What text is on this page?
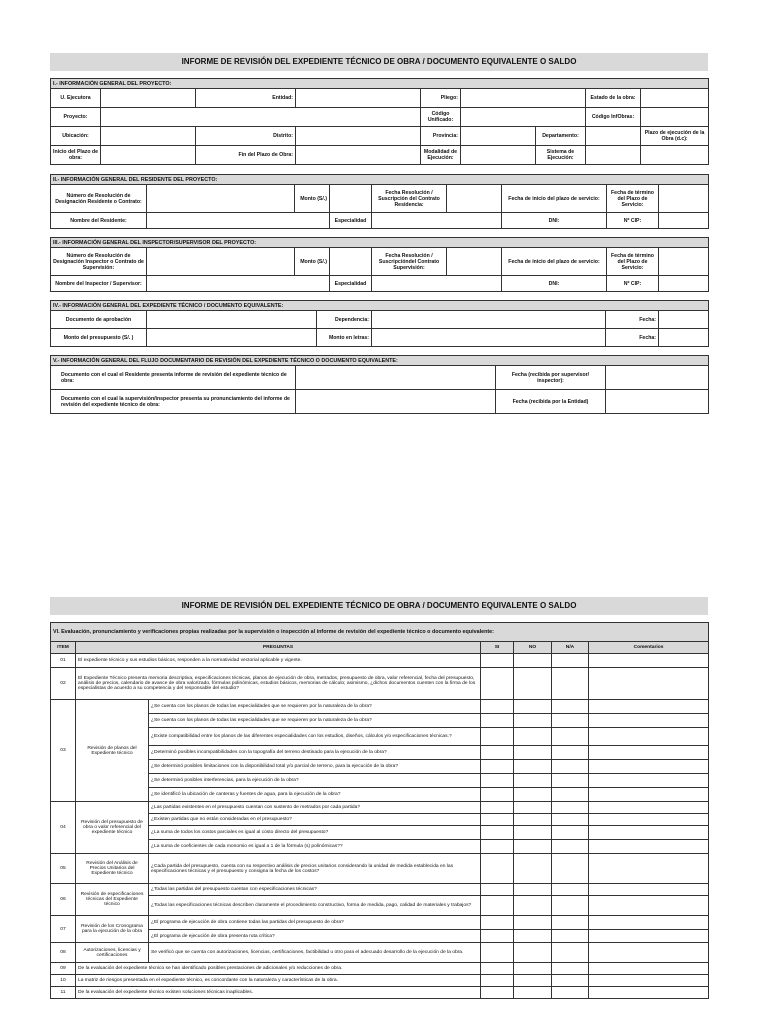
INFORME DE REVISIÓN DEL EXPEDIENTE TÉCNICO DE OBRA / DOCUMENTO EQUIVALENTE O SALDO
I.- INFORMACIÓN GENERAL DEL PROYECTO:								
U. Ejecutora		Entidad:		Pliego:			Estado de la obra:	
Proyecto:				Código Unificado:			Código InfObras:	
Ubicación:		Distrito:		Provincia:		Departamento:		Plazo de ejecución de la Obra (d.c):
Inicio del Plazo de obra:		Fin del Plazo de Obra:		Modalidad de Ejecución:		Sistema de Ejecución:		
II.- INFORMACIÓN GENERAL DEL RESIDENTE DEL PROYECTO:								
Número de Resolución de Designación Residente o Contrato:		Monto (S/.)		Fecha Resolución / Suscripción del Contrato Residencia:		Fecha de inicio del plazo de servicio:	Fecha de término del Plazo de Servicio:	
Nombre del Residente:			Especialidad			DNI:	Nº CIP:	
III.- INFORMACIÓN GENERAL DEL INSPECTOR/SUPERVISOR DEL PROYECTO:								
Número de Resolución de Designación Inspector o Contrato de Supervisión:		Monto (S/.)		Fecha Resolución / Suscripcióndel Contrato Supervisión:		Fecha de inicio del plazo de servicio:	Fecha de término del Plazo de Servicio:	
Nombre del Inspector / Supervisor:			Especialidad			DNI:	Nº CIP:	
IV.- INFORMACIÓN GENERAL DEL EXPEDIENTE TÉCNICO / DOCUMENTO EQUIVALENTE:					
Documento de aprobación		Dependencia:		Fecha:	
Monto del presupuesto (S/. )		Monto en letras:		Fecha:	
V.- INFORMACIÓN GENERAL DEL FLUJO DOCUMENTARIO DE REVISIÓN DEL EXPEDIENTE TÉCNICO O DOCUMENTO EQUIVALENTE:			
Documento con el cual el Residente presenta informe de revisión del expediente técnico de obra:		Fecha (recibida por supervisor/ inspector):	
Documento con el cual la supervisión/inspector presenta su pronunciamiento del informe de revisión del expediente técnico de obra:		Fecha (recibida por la Entidad)	
INFORME DE REVISIÓN DEL EXPEDIENTE TÉCNICO DE OBRA / DOCUMENTO EQUIVALENTE O SALDO
VI. Evaluación, pronunciamiento y verificaciones propias realizadas por la supervisión o inspección al informe de revisión del expediente técnico o documento equivalente:						
ITEM	PREGUNTAS		SI	NO	N/A	Comentarios
01	El expediente técnico y sus estudios básicos, responden a la normatividad vectorial aplicable y vigente.					
02	El Expediente Técnico presenta memoria descriptiva, especificaciones técnicas, planos de ejecución de obra, metrados, presupuesto de obra, valor referencial, fecha del presupuesto, análisis de precios, calendario de avance de obra valorizado, fórmulas polinómicas, estudios básicos, memorias de cálculo; asimismo, ¿dichos documentos cuenten con la firma de los especialistas de acuerdo a su competencia y del responsable del estudio?					
03	Revisión de planos del Expediente técnico	¿Se cuenta con los planos de todas las especialidades que se requieren por la naturaleza de la obra?				
		¿Se cuenta con los planos de todas las especialidades que se requieren por la naturaleza de la obra?				
		¿Existe compatibilidad entre los planos de las diferentes especialidades con los estudios, diseños, cálculos y/o especificaciones técnicas.?				
		¿Determinó posibles incompatibilidades con la topografía del terreno destinado para la ejecución de la obra?				
		¿Se determinó posibles limitaciones con la disponibilidad total y/o parcial de terreno, para la ejecución de la obra?				
		¿Se determinó posibles interferencias, para la ejecución de la obra?				
		¿Se identificó la ubicación de canteras y fuentes de agua, para la ejecución de la obra?				
04	Revisión del presupuesto de obra o valor referencial del expediente técnico	¿Las partidas existentes en el presupuesto cuentan con sustento de metrados por cada partida?				
		¿Existen partidas que no están consideradas en el presupuesto?				
		¿La suma de todos los costos parciales es igual al costo directo del presupuesto?				
		¿La suma de coeficientes de cada monomio es igual a 1 de la fórmula (s) polinómicas??				
05	Revisión del Análisis de Precios Unitarios del Expediente técnico	¿Cada partida del presupuesto, cuenta con su respectivo análisis de precios unitarios considerando la unidad de medida establecida en las especificaciones técnicas y el presupuesto y consigna la fecha de los costos?				
06	Revisión de especificaciones técnicas del Expediente técnico	¿Todas las partidas del presupuesto cuentan con especificaciones técnicas?				
		¿Todas las especificaciones técnicas describen claramente el procedimiento constructivo, forma de medida, pago, calidad de materiales y trabajos?				
07	Revisión de los Cronograma para la ejecución de la obra	¿El programa de ejecución de obra contiene todas las partidas del presupuesto de obra?				
		¿El programa de ejecución de obra presenta ruta crítica?				
08	Autorizaciones, licencias y certificaciones	Se verificó que se cuenta con autorizaciones, licencias, certificaciones, factibilidad u otro para el adecuado desarrollo de la ejecución de la obra.				
09	De la evaluación del expediente técnico se han identificado posibles prestaciones de adicionales y/o reducciones de obra.					
10	La matriz de riesgos presentada en el expediente técnico, es concordante con la naturaleza y características de la obra.					
11	De la evaluación del expediente técnico existen soluciones técnicas inaplicables.					
